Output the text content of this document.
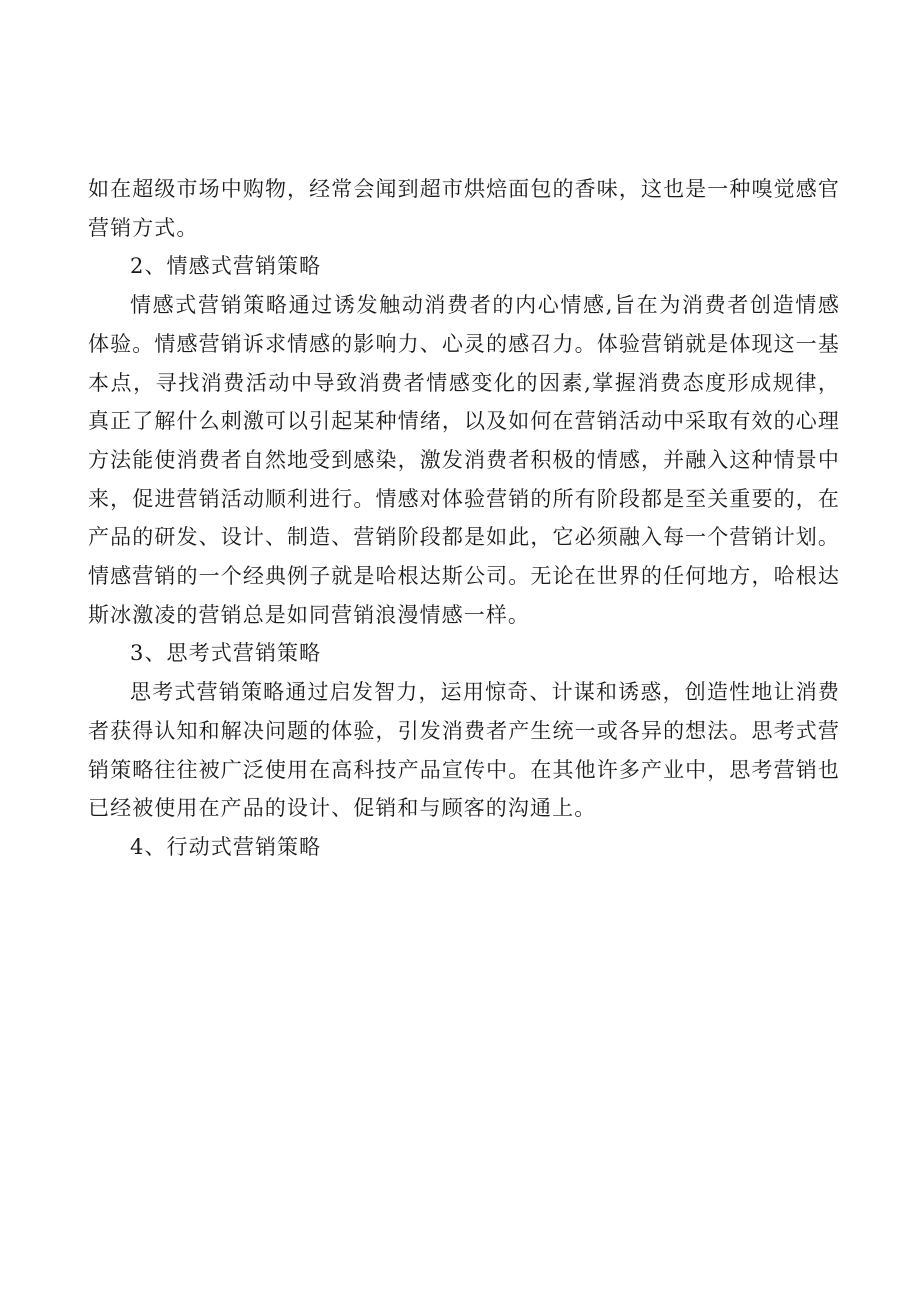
如在超级市场中购物，经常会闻到超市烘焙面包的香味，这也是一种嗅觉感官营销方式。

2、情感式营销策略

情感式营销策略通过诱发触动消费者的内心情感,旨在为消费者创造情感体验。情感营销诉求情感的影响力、心灵的感召力。体验营销就是体现这一基本点，寻找消费活动中导致消费者情感变化的因素,掌握消费态度形成规律，真正了解什么刺激可以引起某种情绪，以及如何在营销活动中采取有效的心理方法能使消费者自然地受到感染，激发消费者积极的情感，并融入这种情景中来，促进营销活动顺利进行。情感对体验营销的所有阶段都是至关重要的，在产品的研发、设计、制造、营销阶段都是如此，它必须融入每一个营销计划。情感营销的一个经典例子就是哈根达斯公司。无论在世界的任何地方，哈根达斯冰激凌的营销总是如同营销浪漫情感一样。

3、思考式营销策略

思考式营销策略通过启发智力，运用惊奇、计谋和诱惑，创造性地让消费者获得认知和解决问题的体验，引发消费者产生统一或各异的想法。思考式营销策略往往被广泛使用在高科技产品宣传中。在其他许多产业中，思考营销也已经被使用在产品的设计、促销和与顾客的沟通上。

4、行动式营销策略
